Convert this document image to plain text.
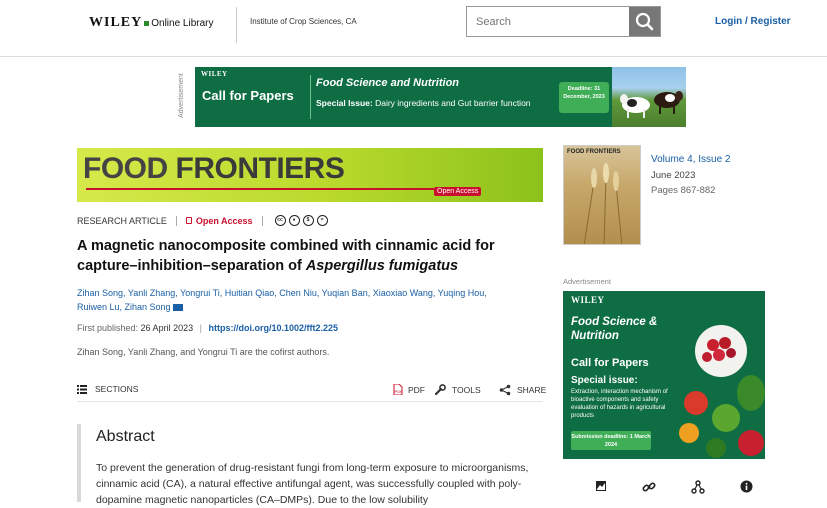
WILEY Online Library	Institute of Crop Sciences, CA
Search	Login / Register
Advertisement WILEY
Call for Papers
Food Science and Nutrition
Special Issue: Dairy ingredients and Gut barrier function
Deadline: 31 December, 2023
FOOD FRONTIERS
Open Access
RESEARCH ARTICLE	Open Access	cc	●	$	=
A magnetic nanocomposite combined with cinnamic acid for capture–inhibition–separation of Aspergillus fumigatus
Zihan Song, Yanli Zhang, Yongrui Ti, Huitian Qiao, Chen Niu, Yuqian Ban, Xiaoxiao Wang, Yuqing Hou,
Ruiwen Lu, Zihan Song
First published: 26 April 2023 | https://doi.org/10.1002/fft2.225
Zihan Song, Yanli Zhang, and Yongrui Ti are the cofirst authors.
SECTIONS	PDF PDF	TOOLS	SHARE
Abstract
To prevent the generation of drug-resistant fungi from long-term exposure to microorganisms, cinnamic acid (CA), a natural effective antifungal agent, was successfully coupled with poly-dopamine magnetic nanoparticles (CA–DMPs). Due to the low solubility
FOOD FRONTIERS
Volume 4, Issue 2
June 2023
Pages 867-882
Advertisement
WILEY
Food Science & Nutrition
Call for Papers
Special issue:
Extraction, interaction mechanism of bioactive components and safety evaluation of hazards in agricultural products
Submission deadline: 1 March 2024
